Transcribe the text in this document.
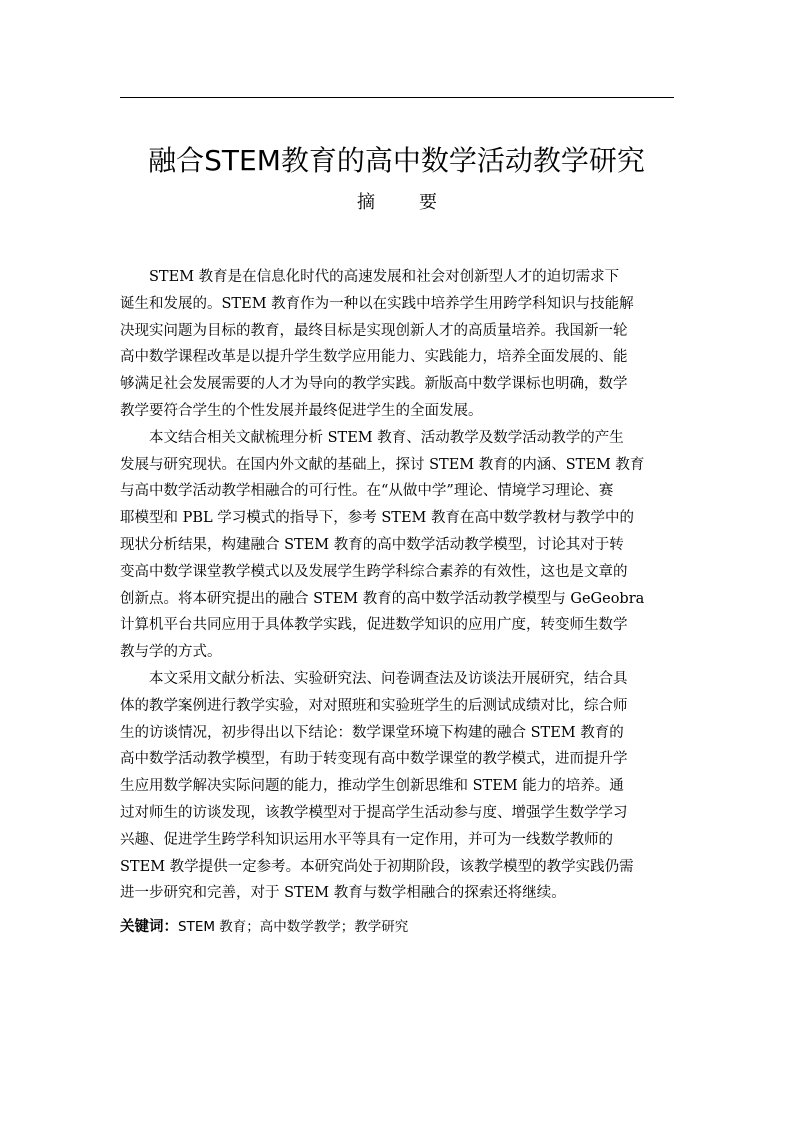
融合STEM教育的高中数学活动教学研究
摘要

STEM 教育是在信息化时代的高速发展和社会对创新型人才的迫切需求下
诞生和发展的。STEM 教育作为一种以在实践中培养学生用跨学科知识与技能解
决现实问题为目标的教育，最终目标是实现创新人才的高质量培养。我国新一轮
高中数学课程改革是以提升学生数学应用能力、实践能力，培养全面发展的、能
够满足社会发展需要的人才为导向的教学实践。新版高中数学课标也明确，数学
教学要符合学生的个性发展并最终促进学生的全面发展。

本文结合相关文献梳理分析 STEM 教育、活动教学及数学活动教学的产生
发展与研究现状。在国内外文献的基础上，探讨 STEM 教育的内涵、STEM 教育
与高中数学活动教学相融合的可行性。在“从做中学”理论、情境学习理论、赛
耶模型和 PBL 学习模式的指导下，参考 STEM 教育在高中数学教材与教学中的
现状分析结果，构建融合 STEM 教育的高中数学活动教学模型，讨论其对于转
变高中数学课堂教学模式以及发展学生跨学科综合素养的有效性，这也是文章的
创新点。将本研究提出的融合 STEM 教育的高中数学活动教学模型与 GeGeobra
计算机平台共同应用于具体教学实践，促进数学知识的应用广度，转变师生数学
教与学的方式。

本文采用文献分析法、实验研究法、问卷调查法及访谈法开展研究，结合具
体的教学案例进行教学实验，对对照班和实验班学生的后测试成绩对比，综合师
生的访谈情况，初步得出以下结论：数学课堂环境下构建的融合 STEM 教育的
高中数学活动教学模型，有助于转变现有高中数学课堂的教学模式，进而提升学
生应用数学解决实际问题的能力，推动学生创新思维和 STEM 能力的培养。通
过对师生的访谈发现，该教学模型对于提高学生活动参与度、增强学生数学学习
兴趣、促进学生跨学科知识运用水平等具有一定作用，并可为一线数学教师的
STEM 教学提供一定参考。本研究尚处于初期阶段，该教学模型的教学实践仍需
进一步研究和完善，对于 STEM 教育与数学相融合的探索还将继续。

关键词：STEM 教育；高中数学教学；教学研究
